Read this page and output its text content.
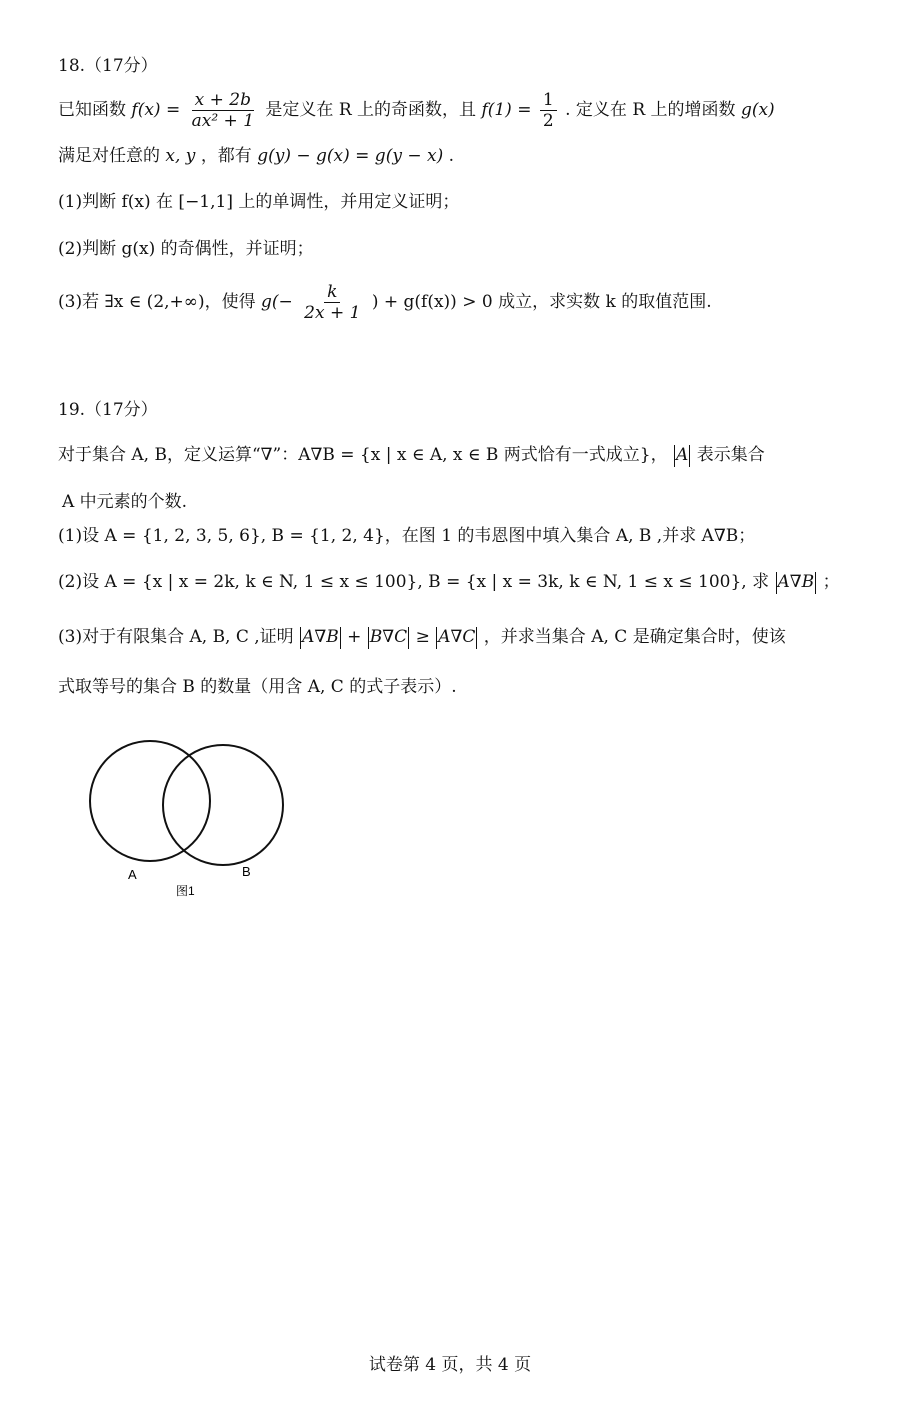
18.（17分）
已知函数 $f(x) = \frac{x + 2b}{\text{ax² + 1}}$ 是定义在 R 上的奇函数，且 $f(1) = \frac{1}{2}$ . 定义在 R 上的增函数 g(x)
满足对任意的 x, y ，都有 g(y) − g(x) = g(y − x) .
(1)判断 f(x) 在 [−1,1] 上的单调性，并用定义证明；
(2)判断 g(x) 的奇偶性，并证明；
(3)若 ∃x ∈ (2,+∞)，使得 $g(- \frac{k}{2x + 1}$ ) + g(f(x)) > 0 成立，求实数 k 的取值范围.
19.（17分）
对于集合 A, B，定义运算“∇”：A∇B = {x | x ∈ A, x ∈ B 两式恰有一式成立}， A 表示集合
A 中元素的个数.
(1)设 A = {1, 2, 3, 5, 6}, B = {1, 2, 4}，在图 1 的韦恩图中填入集合 A, B ,并求 A∇B；
(2)设 A = {x | x = 2k, k ∈ N, 1 ≤ x ≤ 100}, B = {x | x = 3k, k ∈ N, 1 ≤ x ≤ 100}, 求 A∇B ；
(3)对于有限集合 A, B, C ,证明 A∇B + B∇C ≥ A∇C ，并求当集合 A, C 是确定集合时，使该
式取等号的集合 B 的数量（用含 A, C 的式子表示）.
A	B
图1
试卷第 4 页，共 4 页
